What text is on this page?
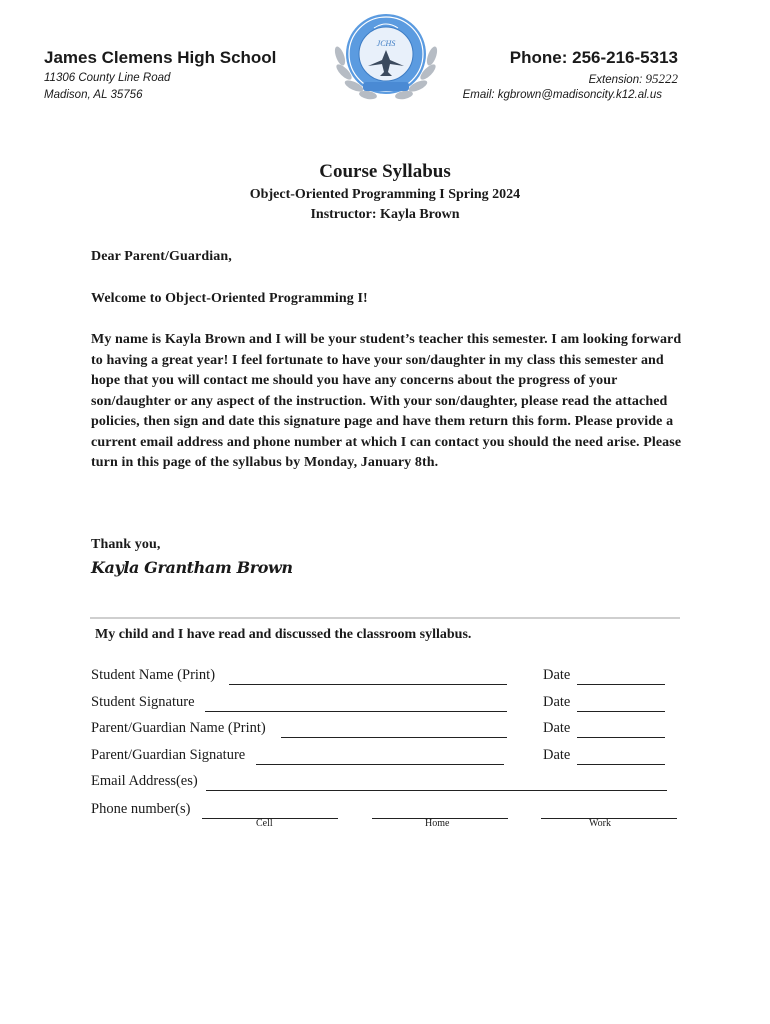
James Clemens High School
11306 County Line Road
Madison, AL 35756
JCHS
Phone: 256-216-5313
Extension: 95222
Email: kgbrown@madisoncity.k12.al.us
Course Syllabus
Object-Oriented Programming I Spring 2024
Instructor: Kayla Brown
Dear Parent/Guardian,
Welcome to Object-Oriented Programming I!
My name is Kayla Brown and I will be your student’s teacher this semester. I am looking forward to having a great year! I feel fortunate to have your son/daughter in my class this semester and hope that you will contact me should you have any concerns about the progress of your son/daughter or any aspect of the instruction. With your son/daughter, please read the attached policies, then sign and date this signature page and have them return this form. Please provide a current email address and phone number at which I can contact you should the need arise. Please turn in this page of the syllabus by Monday, January 8th.
Thank you,
Kayla Grantham Brown
My child and I have read and discussed the classroom syllabus.
Student Name (Print)	Date
Student Signature	Date
Parent/Guardian Name (Print)	Date
Parent/Guardian Signature	Date
Email Address(es)
Phone number(s)
Cell	Home	Work
